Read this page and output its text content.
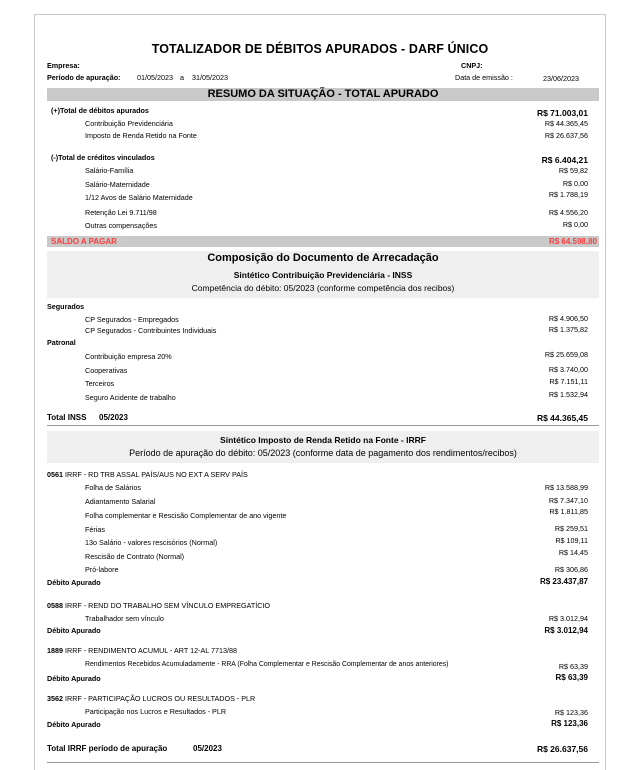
TOTALIZADOR DE DÉBITOS APURADOS - DARF ÚNICO
Empresa:	CNPJ:
Período de apuração: 01/05/2023 a 31/05/2023	Data de emissão :	23/06/2023
RESUMO DA SITUAÇÃO - TOTAL APURADO
(+)Total de débitos apurados	R$ 71.003,01
Contribuição Previdenciária	R$ 44.365,45
Imposto de Renda Retido na Fonte	R$ 26.637,56
(-)Total de créditos vinculados	R$ 6.404,21
Salário-Família	R$ 59,82
Salário-Maternidade	R$ 0,00
1/12 Avos de Salário Maternidade	R$ 1.788,19
Retenção Lei 9.711/98	R$ 4.556,20
Outras compensações	R$ 0,00
SALDO A PAGAR	R$ 64.598,80
Composição do Documento de Arrecadação
Sintético Contribuição Previdenciária - INSS
Competência do débito: 05/2023 (conforme competência dos recibos)
Segurados
CP Segurados - Empregados	R$ 4.906,50
CP Segurados - Contribuintes Individuais	R$ 1.375,82
Patronal
Contribuição empresa 20%	R$ 25.659,08
Cooperativas	R$ 3.740,00
Terceiros	R$ 7.151,11
Seguro Acidente de trabalho	R$ 1.532,94
Total INSS 05/2023	R$ 44.365,45
Sintético Imposto de Renda Retido na Fonte - IRRF
Período de apuração do débito: 05/2023 (conforme data de pagamento dos rendimentos/recibos)
0561 IRRF - RD TRB ASSAL PAÍS/AUS NO EXT A SERV PAÍS
Folha de Salários	R$ 13.588,99
Adiantamento Salarial	R$ 7.347,10
Folha complementar e Rescisão Complementar de ano vigente	R$ 1.811,85
Férias	R$ 259,51
13o Salário - valores rescisórios (Normal)	R$ 109,11
Rescisão de Contrato (Normal)	R$ 14,45
Pró-labore	R$ 306,86
Débito Apurado	R$ 23.437,87
0588 IRRF - REND DO TRABALHO SEM VÍNCULO EMPREGATÍCIO
Trabalhador sem vínculo	R$ 3.012,94
Débito Apurado	R$ 3.012,94
1889 IRRF - RENDIMENTO ACUMUL - ART 12-AL 7713/88
Rendimentos Recebidos Acumuladamente - RRA (Folha Complementar e Rescisão Complementar de anos anteriores)	R$ 63,39
Débito Apurado	R$ 63,39
3562 IRRF - PARTICIPAÇÃO LUCROS OU RESULTADOS - PLR
Participação nos Lucros e Resultados - PLR	R$ 123,36
Débito Apurado	R$ 123,36
Total IRRF período de apuração	05/2023	R$ 26.637,56
